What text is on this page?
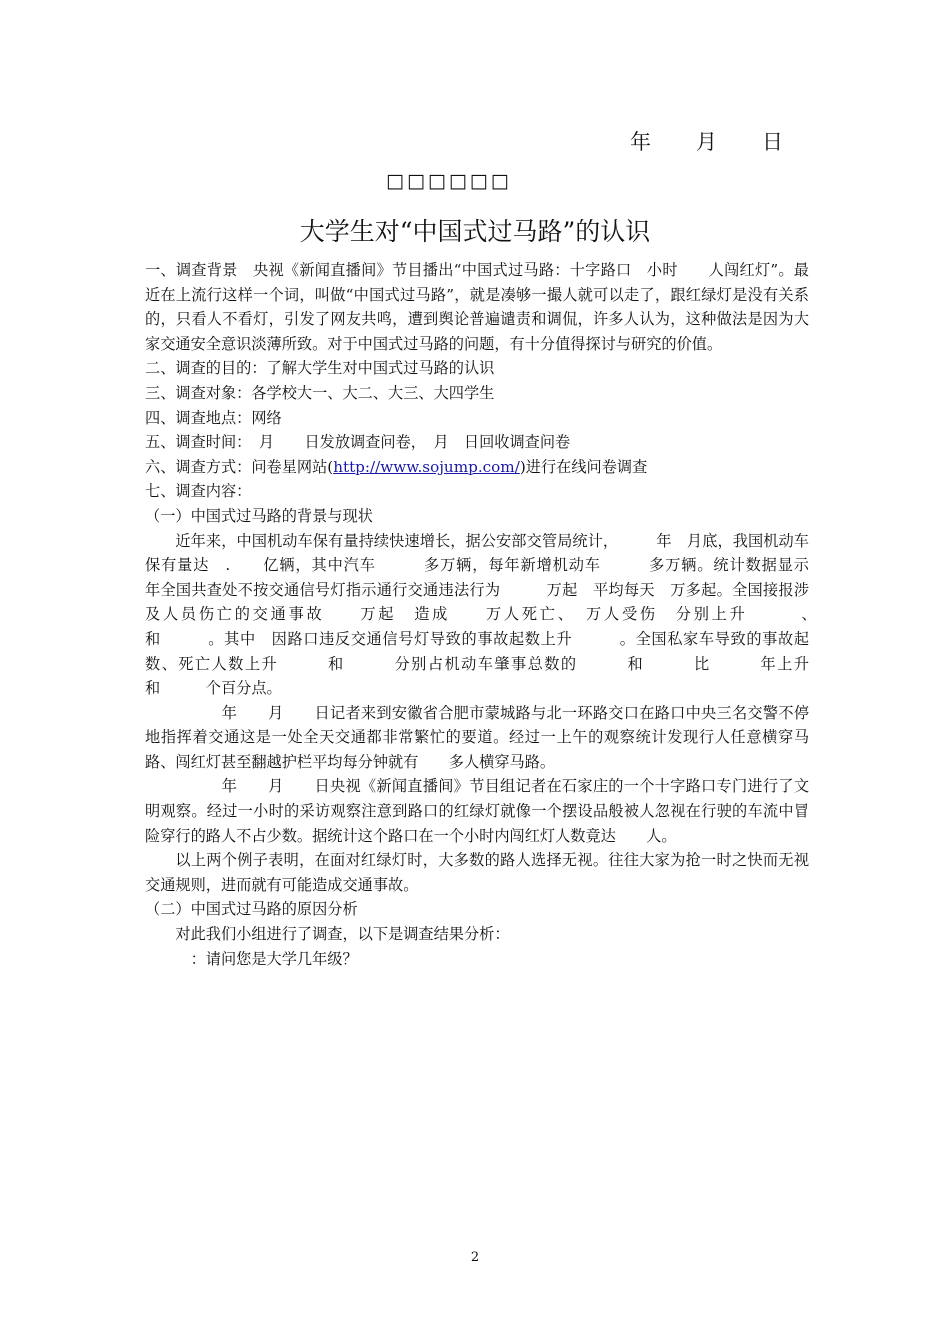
年　　月　　日
□□□□□□
大学生对“中国式过马路”的认识

一、调查背景　央视《新闻直播间》节目播出“中国式过马路：十字路口　小时　　人闯红灯”。最近在上流行这样一个词，叫做“中国式过马路”，就是凑够一撮人就可以走了，跟红绿灯是没有关系的，只看人不看灯，引发了网友共鸣，遭到舆论普遍谴责和调侃，许多人认为，这种做法是因为大家交通安全意识淡薄所致。对于中国式过马路的问题，有十分值得探讨与研究的价值。

二、调查的目的：了解大学生对中国式过马路的认识

三、调查对象：各学校大一、大二、大三、大四学生

四、调查地点：网络

五、调查时间：　月　　日发放调查问卷，　月　日回收调查问卷

六、调查方式：问卷星网站(http://www.sojump.com/)进行在线问卷调查

七、调查内容：

（一）中国式过马路的背景与现状

近年来，中国机动车保有量持续快速增长，据公安部交管局统计，　　　年　月底，我国机动车保有量达　.　　亿辆，其中汽车　　　多万辆，每年新增机动车　　　多万辆。统计数据显示　　　年全国共查处不按交通信号灯指示通行交通违法行为　　　万起　平均每天　万多起。全国接报涉及人员伤亡的交通事故　　万起　造成　　万人死亡、　万人受伤　分别上升　　　、　　　和　　　。其中　因路口违反交通信号灯导致的事故起数上升　　　。全国私家车导致的事故起数、死亡人数上升　　　和　　　分别占机动车肇事总数的　　　和　　　比　　　年上升　　　和　　　个百分点。

　　　年　　月　　日记者来到安徽省合肥市蒙城路与北一环路交口在路口中央三名交警不停地指挥着交通这是一处全天交通都非常繁忙的要道。经过一上午的观察统计发现行人任意横穿马路、闯红灯甚至翻越护栏平均每分钟就有　　多人横穿马路。

　　　年　　月　　日央视《新闻直播间》节目组记者在石家庄的一个十字路口专门进行了文明观察。经过一小时的采访观察注意到路口的红绿灯就像一个摆设品般被人忽视在行驶的车流中冒险穿行的路人不占少数。据统计这个路口在一个小时内闯红灯人数竟达　　人。

以上两个例子表明，在面对红绿灯时，大多数的路人选择无视。往往大家为抢一时之快而无视交通规则，进而就有可能造成交通事故。

（二）中国式过马路的原因分析

对此我们小组进行了调查，以下是调查结果分析：

　：请问您是大学几年级？

2
